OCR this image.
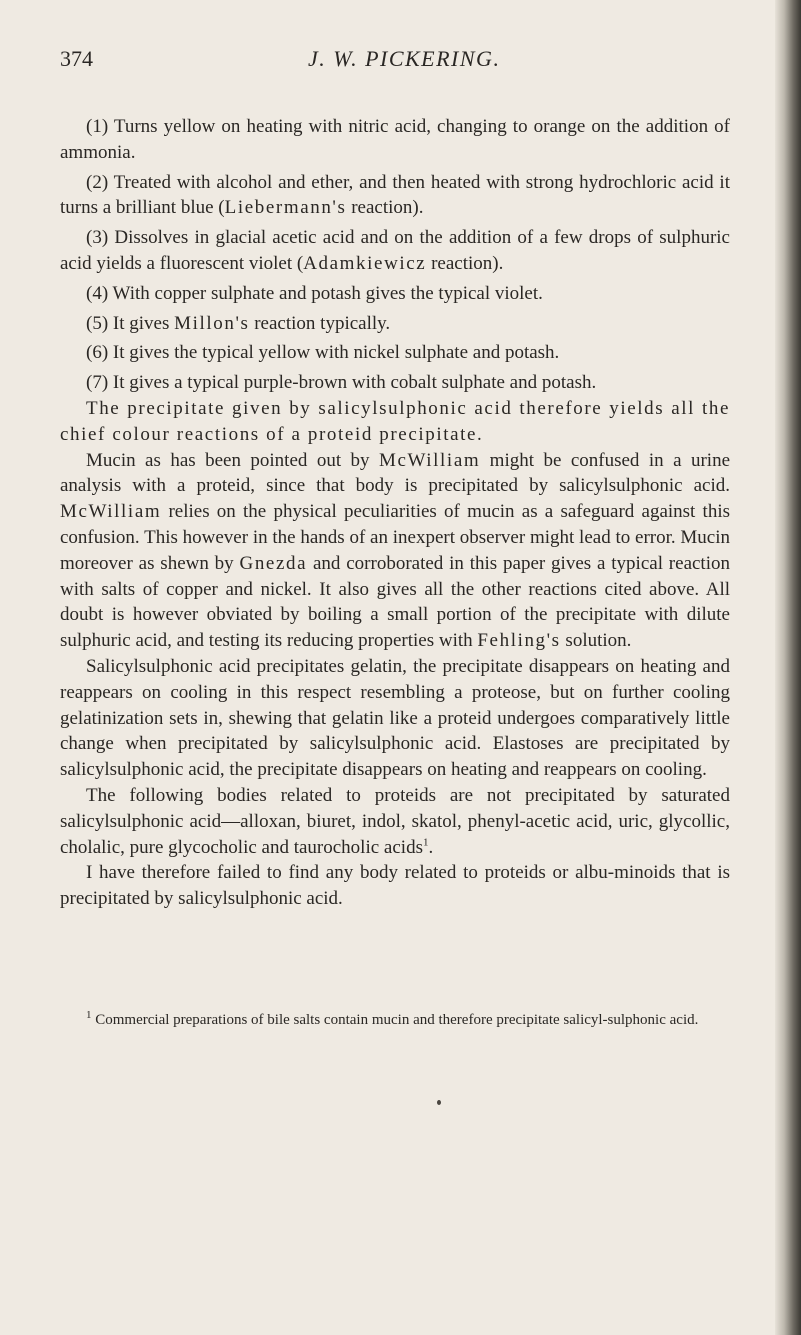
374	J. W. PICKERING.

(1) Turns yellow on heating with nitric acid, changing to orange on the addition of ammonia.

(2) Treated with alcohol and ether, and then heated with strong hydrochloric acid it turns a brilliant blue (Liebermann's reaction).

(3) Dissolves in glacial acetic acid and on the addition of a few drops of sulphuric acid yields a fluorescent violet (Adamkiewicz reaction).

(4) With copper sulphate and potash gives the typical violet.

(5) It gives Millon's reaction typically.

(6) It gives the typical yellow with nickel sulphate and potash.

(7) It gives a typical purple-brown with cobalt sulphate and potash.

The precipitate given by salicylsulphonic acid therefore yields all the chief colour reactions of a proteid precipitate.

Mucin as has been pointed out by McWilliam might be confused in a urine analysis with a proteid, since that body is precipitated by salicylsulphonic acid. McWilliam relies on the physical peculiarities of mucin as a safeguard against this confusion. This however in the hands of an inexpert observer might lead to error. Mucin moreover as shewn by Gnezda and corroborated in this paper gives a typical reaction with salts of copper and nickel. It also gives all the other reactions cited above. All doubt is however obviated by boiling a small portion of the precipitate with dilute sulphuric acid, and testing its reducing properties with Fehling's solution.

Salicylsulphonic acid precipitates gelatin, the precipitate disappears on heating and reappears on cooling in this respect resembling a proteose, but on further cooling gelatinization sets in, shewing that gelatin like a proteid undergoes comparatively little change when precipitated by salicylsulphonic acid. Elastoses are precipitated by salicylsulphonic acid, the precipitate disappears on heating and reappears on cooling.

The following bodies related to proteids are not precipitated by saturated salicylsulphonic acid—alloxan, biuret, indol, skatol, phenyl-acetic acid, uric, glycollic, cholalic, pure glycocholic and taurocholic acids$^1$.

I have therefore failed to find any body related to proteids or albu-minoids that is precipitated by salicylsulphonic acid.

$^1$ Commercial preparations of bile salts contain mucin and therefore precipitate salicyl-sulphonic acid.
